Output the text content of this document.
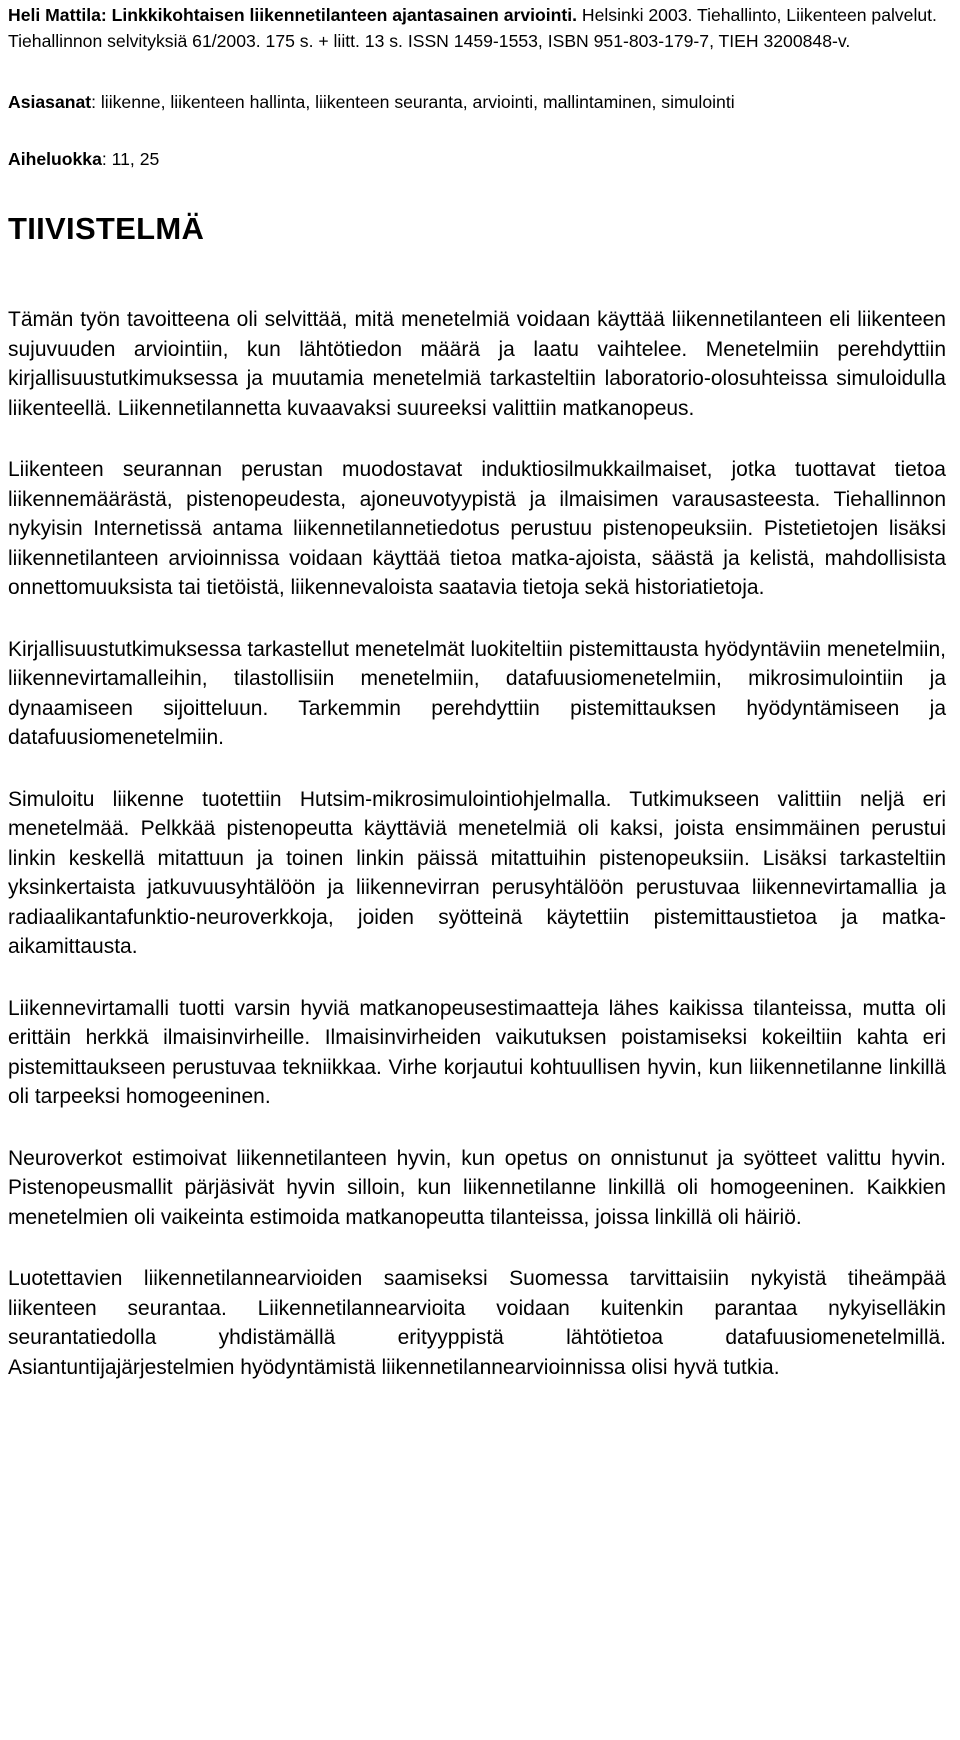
Heli Mattila: Linkkikohtaisen liikennetilanteen ajantasainen arviointi. Helsinki 2003. Tiehallinto, Liikenteen palvelut. Tiehallinnon selvityksiä 61/2003. 175 s. + liitt. 13 s. ISSN 1459-1553, ISBN 951-803-179-7, TIEH 3200848-v.

Asiasanat: liikenne, liikenteen hallinta, liikenteen seuranta, arviointi, mallintaminen, simulointi

Aiheluokka: 11, 25

TIIVISTELMÄ

Tämän työn tavoitteena oli selvittää, mitä menetelmiä voidaan käyttää liikennetilanteen eli liikenteen sujuvuuden arviointiin, kun lähtötiedon määrä ja laatu vaihtelee. Menetelmiin perehdyttiin kirjallisuustutkimuksessa ja muutamia menetelmiä tarkasteltiin laboratorio-olosuhteissa simuloidulla liikenteellä. Liikennetilannetta kuvaavaksi suureeksi valittiin matkanopeus.

Liikenteen seurannan perustan muodostavat induktiosilmukkailmaiset, jotka tuottavat tietoa liikennemäärästä, pistenopeudesta, ajoneuvotyypistä ja ilmaisimen varausasteesta. Tiehallinnon nykyisin Internetissä antama liikennetilannetiedotus perustuu pistenopeuksiin. Pistetietojen lisäksi liikennetilanteen arvioinnissa voidaan käyttää tietoa matka-ajoista, säästä ja kelistä, mahdollisista onnettomuuksista tai tietöistä, liikennevaloista saatavia tietoja sekä historiatietoja.

Kirjallisuustutkimuksessa tarkastellut menetelmät luokiteltiin pistemittausta hyödyntäviin menetelmiin, liikennevirtamalleihin, tilastollisiin menetelmiin, datafuusiomenetelmiin, mikrosimulointiin ja dynaamiseen sijoitteluun. Tarkemmin perehdyttiin pistemittauksen hyödyntämiseen ja datafuusiomenetelmiin.

Simuloitu liikenne tuotettiin Hutsim-mikrosimulointiohjelmalla. Tutkimukseen valittiin neljä eri menetelmää. Pelkkää pistenopeutta käyttäviä menetelmiä oli kaksi, joista ensimmäinen perustui linkin keskellä mitattuun ja toinen linkin päissä mitattuihin pistenopeuksiin. Lisäksi tarkasteltiin yksinkertaista jatkuvuusyhtälöön ja liikennevirran perusyhtälöön perustuvaa liikennevirtamallia ja radiaalikantafunktio-neuroverkkoja, joiden syötteinä käytettiin pistemittaustietoa ja matka-aikamittausta.

Liikennevirtamalli tuotti varsin hyviä matkanopeusestimaatteja lähes kaikissa tilanteissa, mutta oli erittäin herkkä ilmaisinvirheille. Ilmaisinvirheiden vaikutuksen poistamiseksi kokeiltiin kahta eri pistemittaukseen perustuvaa tekniikkaa. Virhe korjautui kohtuullisen hyvin, kun liikennetilanne linkillä oli tarpeeksi homogeeninen.

Neuroverkot estimoivat liikennetilanteen hyvin, kun opetus on onnistunut ja syötteet valittu hyvin. Pistenopeusmallit pärjäsivät hyvin silloin, kun liikennetilanne linkillä oli homogeeninen. Kaikkien menetelmien oli vaikeinta estimoida matkanopeutta tilanteissa, joissa linkillä oli häiriö.

Luotettavien liikennetilannearvioiden saamiseksi Suomessa tarvittaisiin nykyistä tiheämpää liikenteen seurantaa. Liikennetilannearvioita voidaan kuitenkin parantaa nykyiselläkin seurantatiedolla yhdistämällä erityyppistä lähtötietoa datafuusiomenetelmillä. Asiantuntijajärjestelmien hyödyntämistä liikennetilannearvioinnissa olisi hyvä tutkia.
